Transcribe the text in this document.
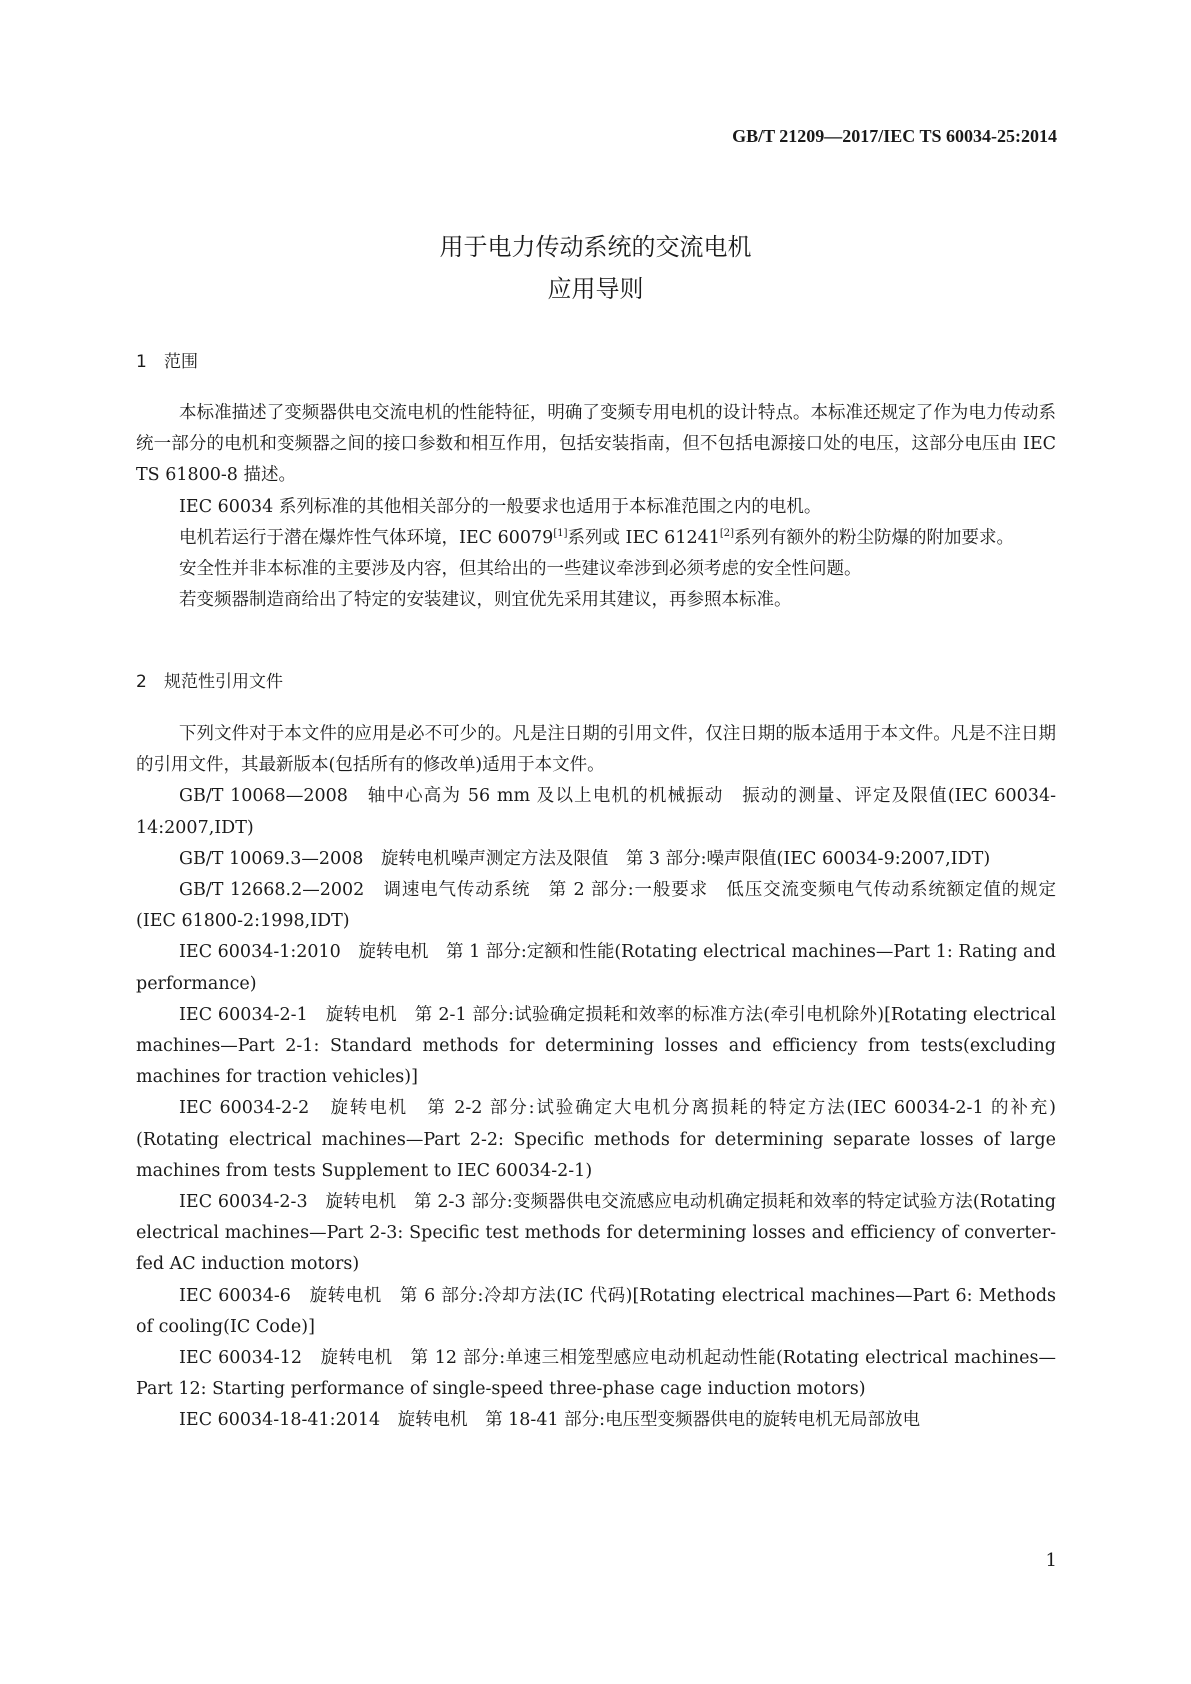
GB/T 21209—2017/IEC TS 60034-25:2014
用于电力传动系统的交流电机
应用导则
1 范围

本标准描述了变频器供电交流电机的性能特征，明确了变频专用电机的设计特点。本标准还规定了作为电力传动系统一部分的电机和变频器之间的接口参数和相互作用，包括安装指南，但不包括电源接口处的电压，这部分电压由 IEC TS 61800-8 描述。

IEC 60034 系列标准的其他相关部分的一般要求也适用于本标准范围之内的电机。

电机若运行于潜在爆炸性气体环境，IEC 60079[1]系列或 IEC 61241[2]系列有额外的粉尘防爆的附加要求。

安全性并非本标准的主要涉及内容，但其给出的一些建议牵涉到必须考虑的安全性问题。

若变频器制造商给出了特定的安装建议，则宜优先采用其建议，再参照本标准。

2 规范性引用文件

下列文件对于本文件的应用是必不可少的。凡是注日期的引用文件，仅注日期的版本适用于本文件。凡是不注日期的引用文件，其最新版本(包括所有的修改单)适用于本文件。

GB/T 10068—2008　轴中心高为 56 mm 及以上电机的机械振动　振动的测量、评定及限值(IEC 60034-14:2007,IDT)

GB/T 10069.3—2008　旋转电机噪声测定方法及限值　第 3 部分:噪声限值(IEC 60034-9:2007,IDT)

GB/T 12668.2—2002　调速电气传动系统　第 2 部分:一般要求　低压交流变频电气传动系统额定值的规定(IEC 61800-2:1998,IDT)

IEC 60034-1:2010　旋转电机　第 1 部分:定额和性能(Rotating electrical machines—Part 1: Rating and performance)

IEC 60034-2-1　旋转电机　第 2-1 部分:试验确定损耗和效率的标准方法(牵引电机除外)[Rotating electrical machines—Part 2-1: Standard methods for determining losses and efficiency from tests(excluding machines for traction vehicles)]

IEC 60034-2-2　旋转电机　第 2-2 部分:试验确定大电机分离损耗的特定方法(IEC 60034-2-1 的补充)(Rotating electrical machines—Part 2-2: Specific methods for determining separate losses of large machines from tests Supplement to IEC 60034-2-1)

IEC 60034-2-3　旋转电机　第 2-3 部分:变频器供电交流感应电动机确定损耗和效率的特定试验方法(Rotating electrical machines—Part 2-3: Specific test methods for determining losses and efficiency of converter-fed AC induction motors)

IEC 60034-6　旋转电机　第 6 部分:冷却方法(IC 代码)[Rotating electrical machines—Part 6: Methods of cooling(IC Code)]

IEC 60034-12　旋转电机　第 12 部分:单速三相笼型感应电动机起动性能(Rotating electrical machines—Part 12: Starting performance of single-speed three-phase cage induction motors)

IEC 60034-18-41:2014　旋转电机　第 18-41 部分:电压型变频器供电的旋转电机无局部放电

1
